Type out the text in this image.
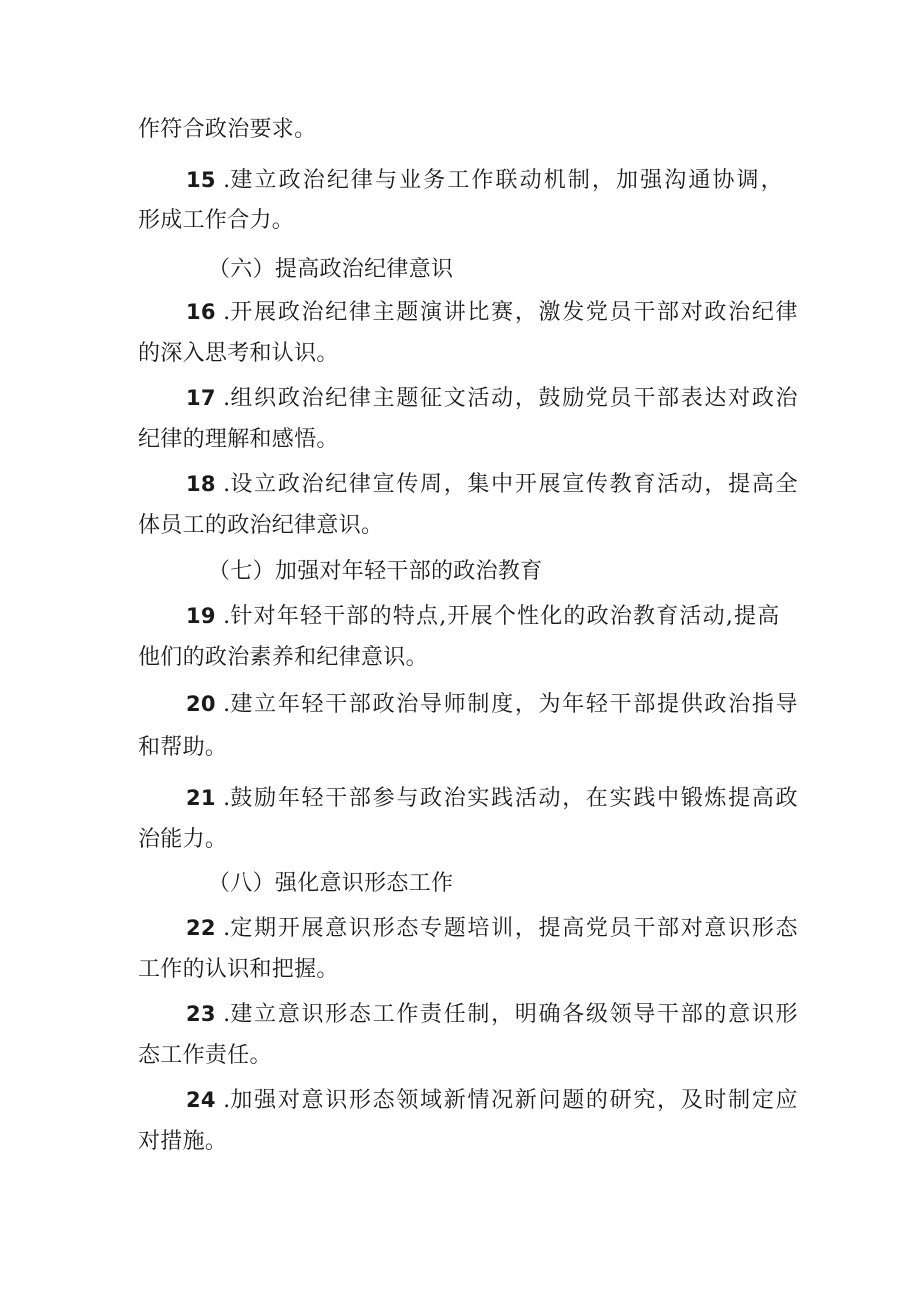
作符合政治要求。
15 .建立政治纪律与业务工作联动机制，加强沟通协调，
形成工作合力。
（六）提高政治纪律意识
16 .开展政治纪律主题演讲比赛，激发党员干部对政治纪律
的深入思考和认识。
17 .组织政治纪律主题征文活动，鼓励党员干部表达对政治
纪律的理解和感悟。
18 .设立政治纪律宣传周，集中开展宣传教育活动，提高全
体员工的政治纪律意识。
（七）加强对年轻干部的政治教育
19 .针对年轻干部的特点,开展个性化的政治教育活动,提高
他们的政治素养和纪律意识。
20 .建立年轻干部政治导师制度，为年轻干部提供政治指导
和帮助。
21 .鼓励年轻干部参与政治实践活动，在实践中锻炼提高政
治能力。
（八）强化意识形态工作
22 .定期开展意识形态专题培训，提高党员干部对意识形态
工作的认识和把握。
23 .建立意识形态工作责任制，明确各级领导干部的意识形
态工作责任。
24 .加强对意识形态领域新情况新问题的研究，及时制定应
对措施。
